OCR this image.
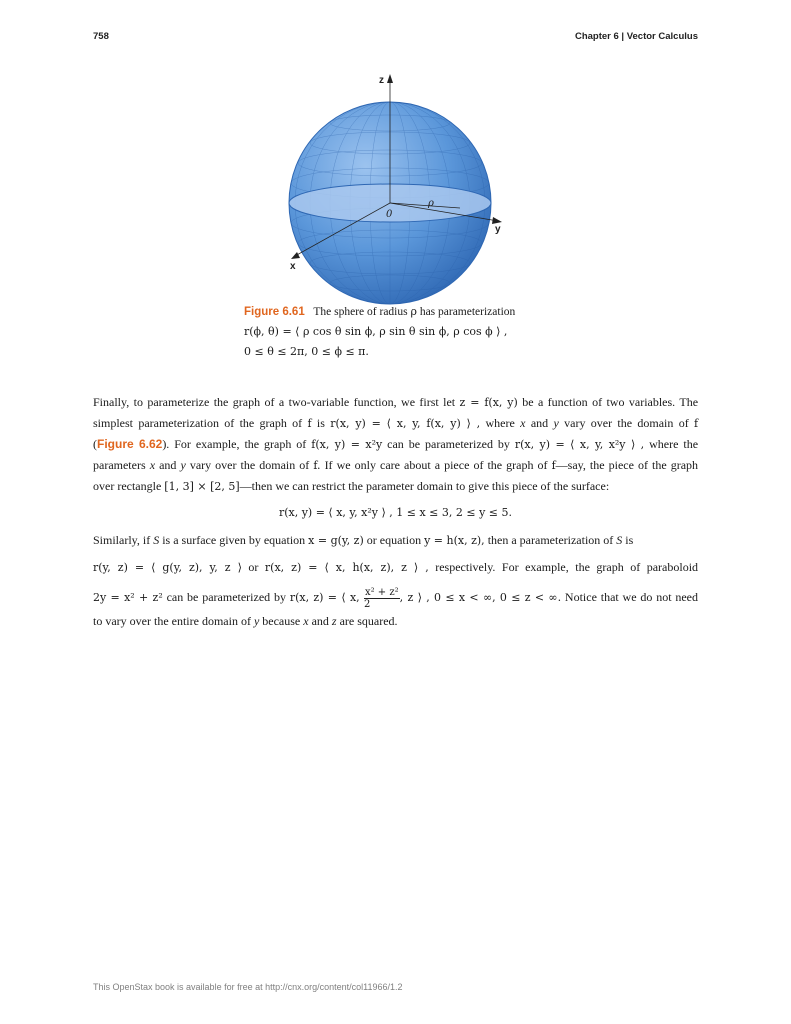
758	Chapter 6 | Vector Calculus
z
y
x
0
ρ
Figure 6.61 The sphere of radius ρ has parameterization
r(ϕ, θ) = ⟨ ρ cos θ sin ϕ, ρ sin θ sin ϕ, ρ cos ϕ ⟩ ,
0 ≤ θ ≤ 2π, 0 ≤ ϕ ≤ π.

Finally, to parameterize the graph of a two-variable function, we first let z = f(x, y) be a function of two variables. The

simplest parameterization of the graph of f is r(x, y) = ⟨ x, y, f(x, y) ⟩ , where x and y vary over the domain of f

(Figure 6.62). For example, the graph of f(x, y) = x²y can be parameterized by r(x, y) = ⟨ x, y, x²y ⟩ , where the

parameters x and y vary over the domain of f. If we only care about a piece of the graph of f—say, the piece of the graph

over rectangle [1, 3] × [2, 5]—then we can restrict the parameter domain to give this piece of the surface:

r(x, y) = ⟨ x, y, x²y ⟩ , 1 ≤ x ≤ 3, 2 ≤ y ≤ 5.

Similarly, if S is a surface given by equation x = g(y, z) or equation y = h(x, z), then a parameterization of S is

r(y, z) = ⟨ g(y, z), y, z ⟩ or r(x, z) = ⟨ x, h(x, z), z ⟩ , respectively. For example, the graph of paraboloid

2y = x² + z² can be parameterized by r(x, z) = ⟨ x, $\frac{\text{x² + z²}}{2}$ , z ⟩ , 0 ≤ x < ∞, 0 ≤ z < ∞. Notice that we do not need

to vary over the entire domain of y because x and z are squared.

This OpenStax book is available for free at http://cnx.org/content/col11966/1.2
